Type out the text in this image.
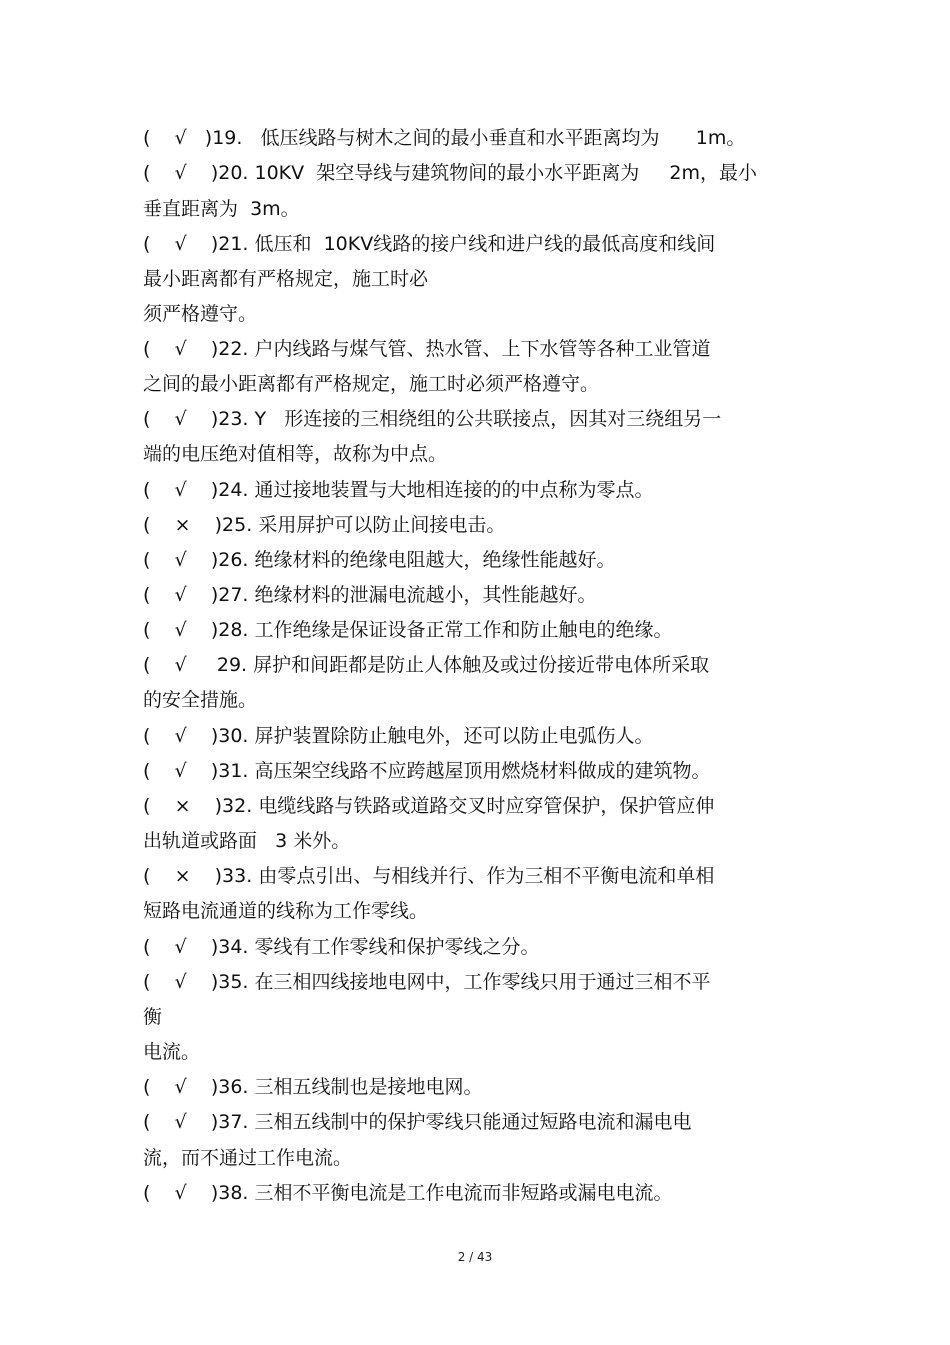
(    √   )19.   低压线路与树木之间的最小垂直和水平距离均为      1m。
(    √    )20. 10KV  架空导线与建筑物间的最小水平距离为     2m，最小
垂直距离为  3m。
(    √    )21. 低压和  10KV线路的接户线和进户线的最低高度和线间
最小距离都有严格规定，施工时必
须严格遵守。
(    √    )22. 户内线路与煤气管、热水管、上下水管等各种工业管道
之间的最小距离都有严格规定，施工时必须严格遵守。
(    √    )23. Y   形连接的三相绕组的公共联接点，因其对三绕组另一
端的电压绝对值相等，故称为中点。
(    √    )24. 通过接地装置与大地相连接的的中点称为零点。
(    ×    )25. 采用屏护可以防止间接电击。
(    √    )26. 绝缘材料的绝缘电阻越大，绝缘性能越好。
(    √    )27. 绝缘材料的泄漏电流越小，其性能越好。
(    √    )28. 工作绝缘是保证设备正常工作和防止触电的绝缘。
(    √     29. 屏护和间距都是防止人体触及或过份接近带电体所采取
的安全措施。
(    √    )30. 屏护装置除防止触电外，还可以防止电弧伤人。
(    √    )31. 高压架空线路不应跨越屋顶用燃烧材料做成的建筑物。
(    ×    )32. 电缆线路与铁路或道路交叉时应穿管保护，保护管应伸
出轨道或路面   3 米外。
(    ×    )33. 由零点引出、与相线并行、作为三相不平衡电流和单相
短路电流通道的线称为工作零线。
(    √    )34. 零线有工作零线和保护零线之分。
(    √    )35. 在三相四线接地电网中，工作零线只用于通过三相不平
衡
电流。
(    √    )36. 三相五线制也是接地电网。
(    √    )37. 三相五线制中的保护零线只能通过短路电流和漏电电
流，而不通过工作电流。
(    √    )38. 三相不平衡电流是工作电流而非短路或漏电电流。
2 / 43
